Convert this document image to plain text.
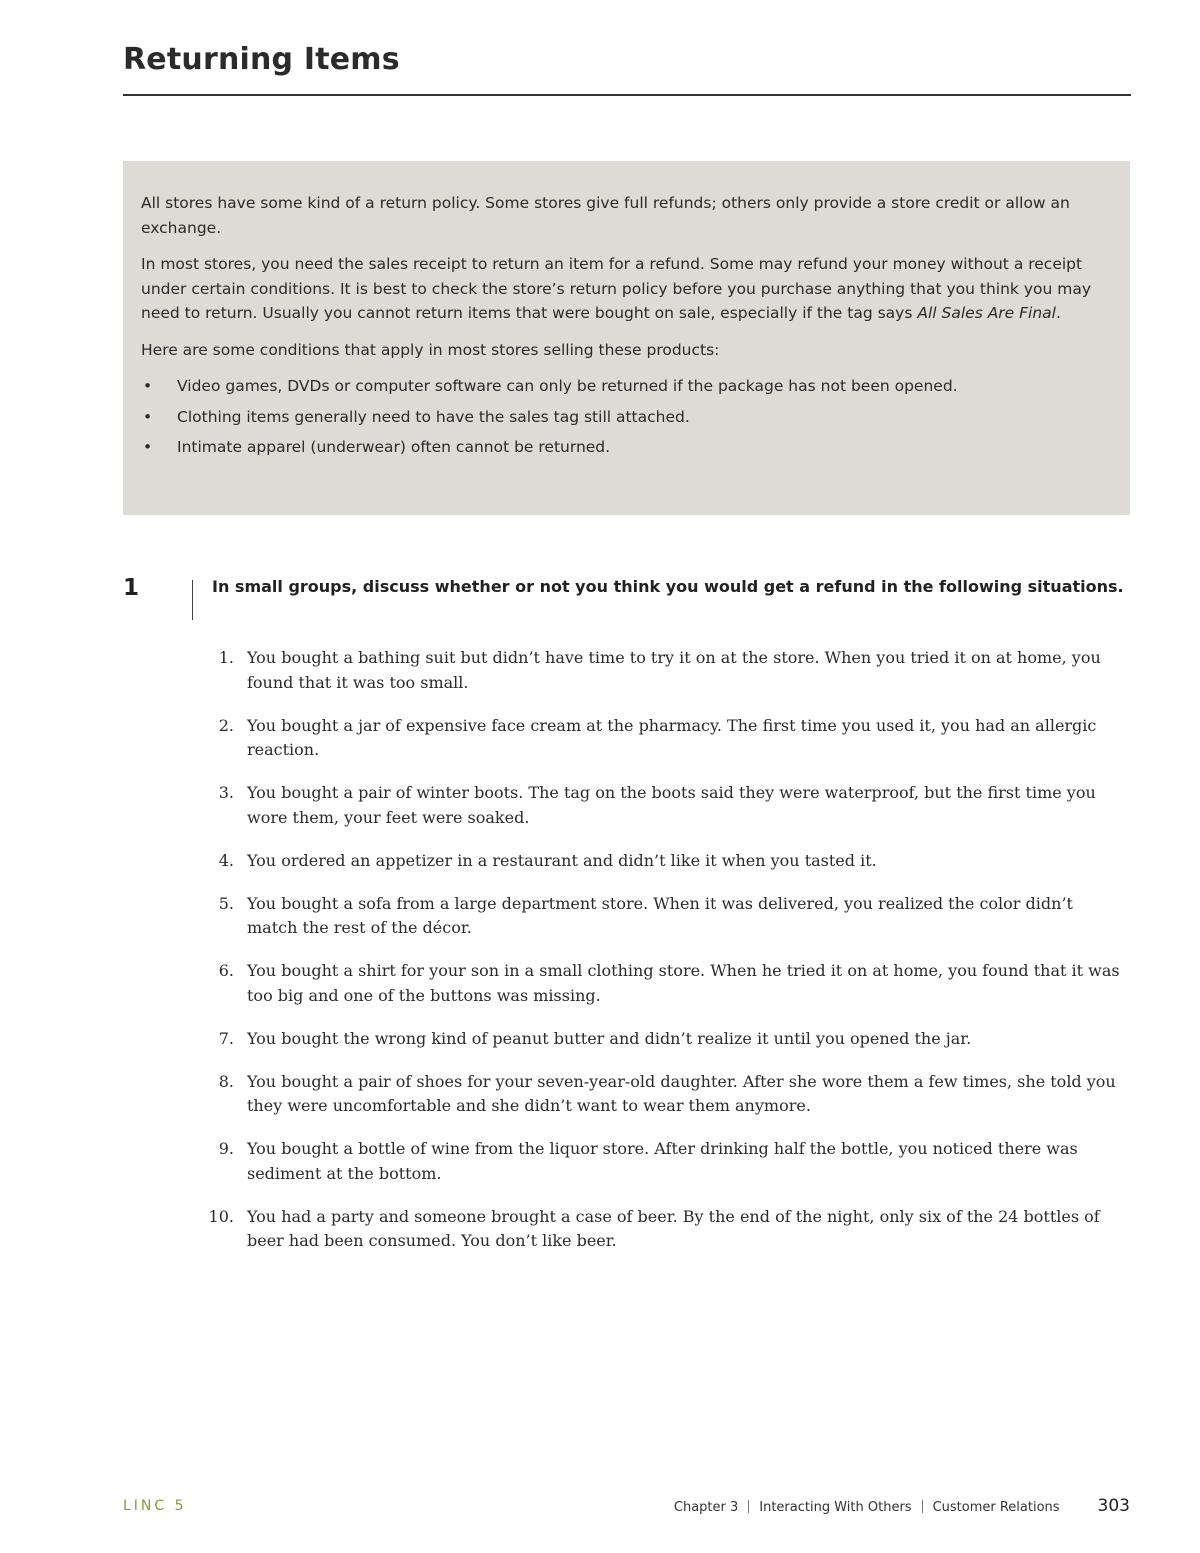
Returning Items

All stores have some kind of a return policy. Some stores give full refunds; others only provide a store credit or allow an exchange.

In most stores, you need the sales receipt to return an item for a refund. Some may refund your money without a receipt under certain conditions. It is best to check the store’s return policy before you purchase anything that you think you may need to return. Usually you cannot return items that were bought on sale, especially if the tag says All Sales Are Final.

Here are some conditions that apply in most stores selling these products:

• Video games, DVDs or computer software can only be returned if the package has not been opened.
• Clothing items generally need to have the sales tag still attached.
• Intimate apparel (underwear) often cannot be returned.
1	In small groups, discuss whether or not you think you would get a refund in the following situations.
1. You bought a bathing suit but didn’t have time to try it on at the store. When you tried it on at home, you found that it was too small.
2. You bought a jar of expensive face cream at the pharmacy. The first time you used it, you had an allergic reaction.
3. You bought a pair of winter boots. The tag on the boots said they were waterproof, but the first time you wore them, your feet were soaked.
4. You ordered an appetizer in a restaurant and didn’t like it when you tasted it.
5. You bought a sofa from a large department store. When it was delivered, you realized the color didn’t match the rest of the décor.
6. You bought a shirt for your son in a small clothing store. When he tried it on at home, you found that it was too big and one of the buttons was missing.
7. You bought the wrong kind of peanut butter and didn’t realize it until you opened the jar.
8. You bought a pair of shoes for your seven-year-old daughter. After she wore them a few times, she told you they were uncomfortable and she didn’t want to wear them anymore.
9. You bought a bottle of wine from the liquor store. After drinking half the bottle, you noticed there was sediment at the bottom.
10. You had a party and someone brought a case of beer. By the end of the night, only six of the 24 bottles of beer had been consumed. You don’t like beer.
LINC 5	Chapter 3 Interacting With Others Customer Relations 303
